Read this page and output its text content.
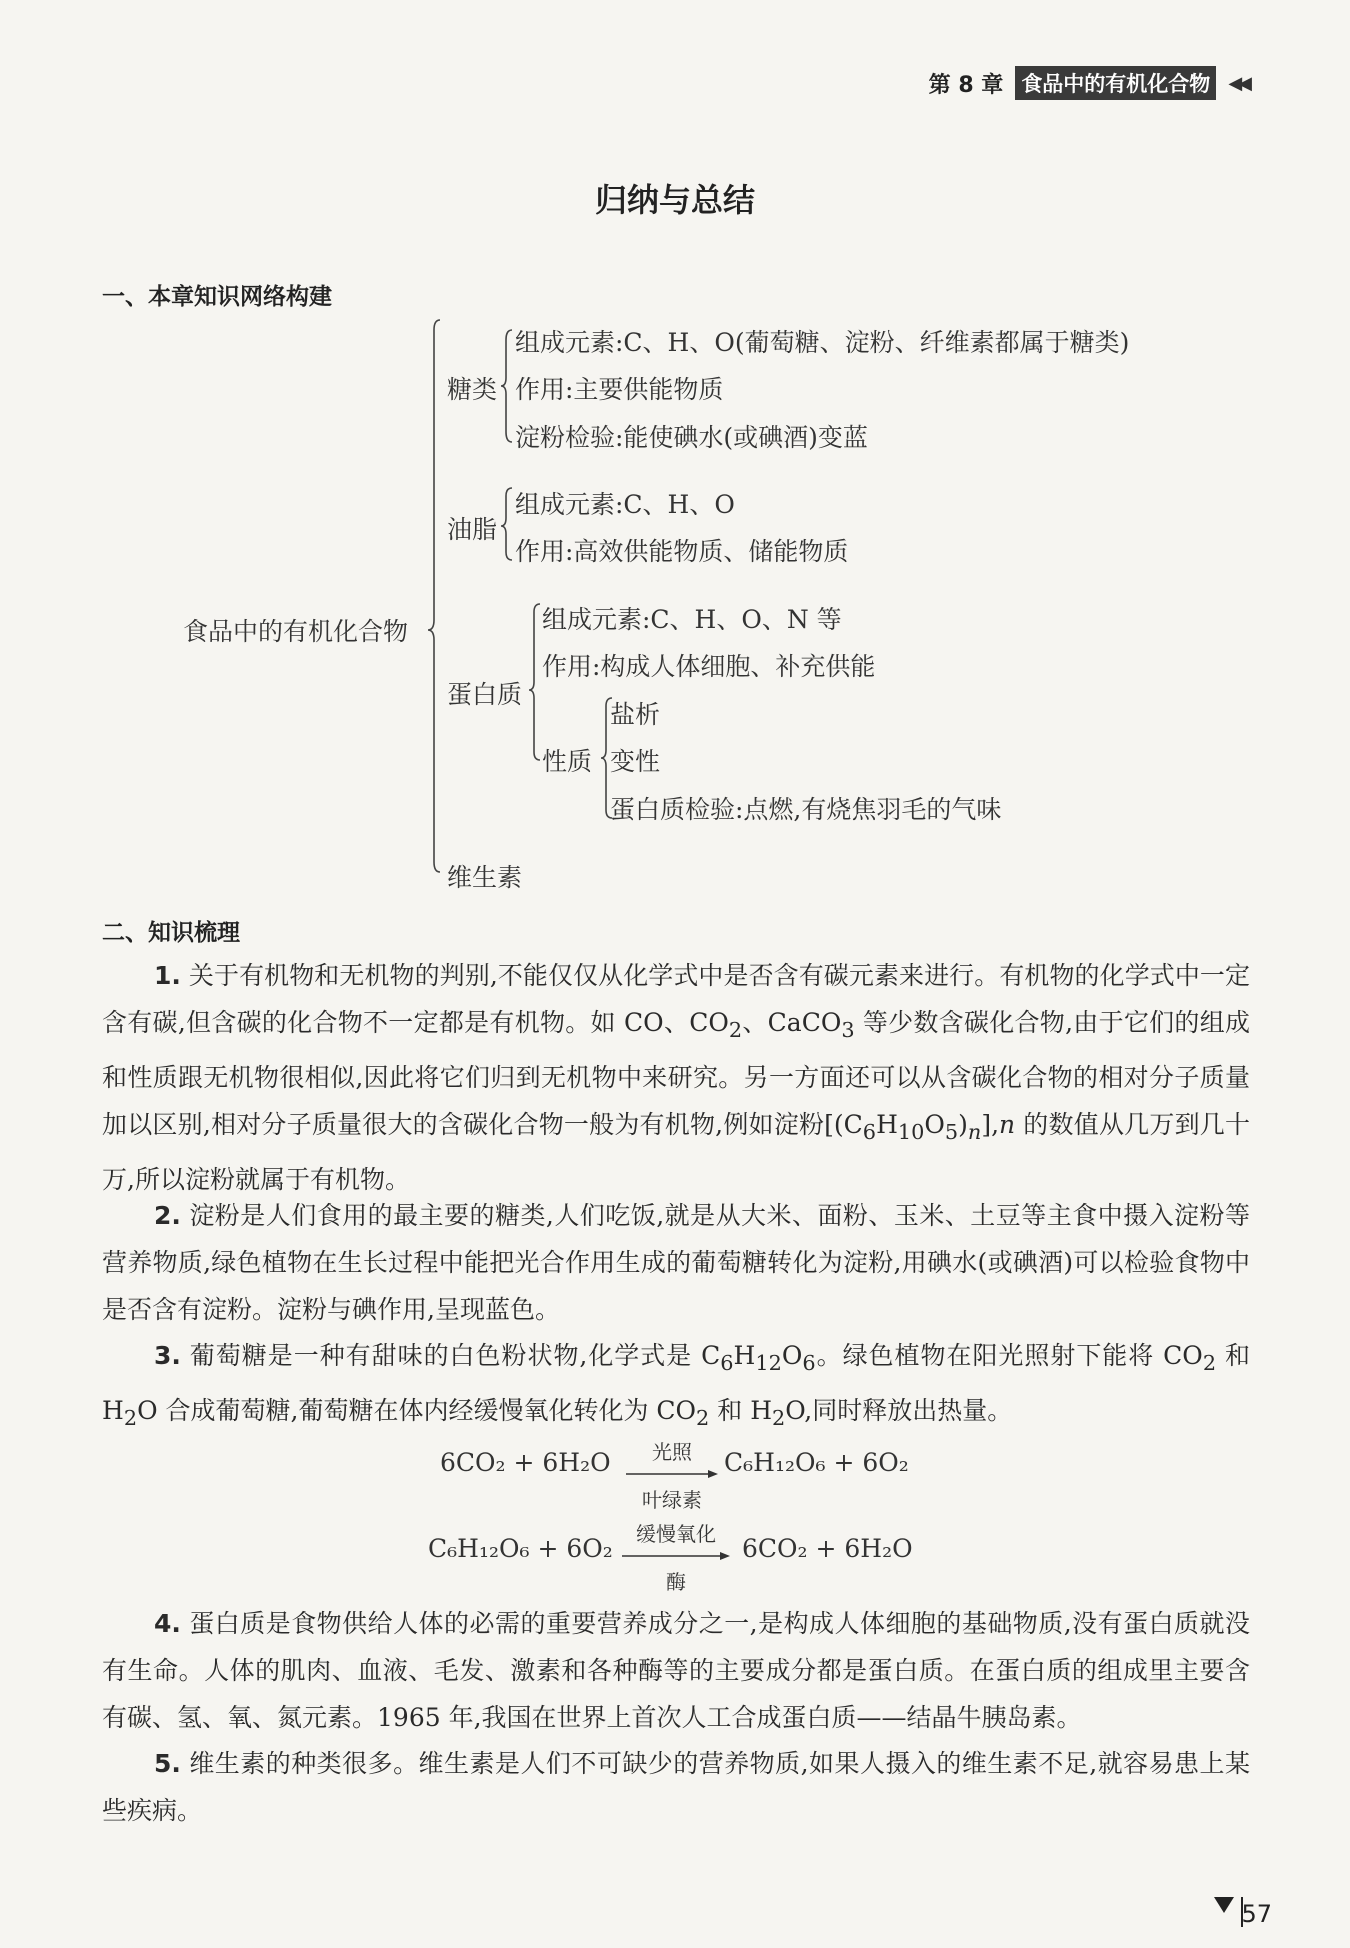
第 8 章 食品中的有机化合物	◀◀
归纳与总结
一、本章知识网络构建
食品中的有机化合物
糖类
组成元素:C、H、O(葡萄糖、淀粉、纤维素都属于糖类)
作用:主要供能物质
淀粉检验:能使碘水(或碘酒)变蓝
油脂
组成元素:C、H、O
作用:高效供能物质、储能物质
蛋白质
组成元素:C、H、O、N 等
作用:构成人体细胞、补充供能
性质
盐析
变性
蛋白质检验:点燃,有烧焦羽毛的气味
维生素
二、知识梳理
1. 关于有机物和无机物的判别,不能仅仅从化学式中是否含有碳元素来进行。有机物的化学式中一定含有碳,但含碳的化合物不一定都是有机物。如 CO、$CO_2$、CaCO$_3$ 等少数含碳化合物,由于它们的组成和性质跟无机物很相似,因此将它们归到无机物中来研究。另一方面还可以从含碳化合物的相对分子质量加以区别,相对分子质量很大的含碳化合物一般为有机物,例如淀粉$[(C_6H_{10}O_5)_n],n$ 的数值从几万到几十万,所以淀粉就属于有机物。
2. 淀粉是人们食用的最主要的糖类,人们吃饭,就是从大米、面粉、玉米、土豆等主食中摄入淀粉等营养物质,绿色植物在生长过程中能把光合作用生成的葡萄糖转化为淀粉,用碘水(或碘酒)可以检验食物中是否含有淀粉。淀粉与碘作用,呈现蓝色。
3. 葡萄糖是一种有甜味的白色粉状物,化学式是 $C_6H_{12}O_6$。绿色植物在阳光照射下能将 $CO_2$ 和 $H_2O$ 合成葡萄糖,葡萄糖在体内经缓慢氧化转化为 $CO_2$ 和 $H_2O$,同时释放出热量。
6CO₂ + 6H₂O	光照
叶绿素
C₆H₁₂O₆ + 6O₂
C₆H₁₂O₆ + 6O₂	缓慢氧化
酶
6CO₂ + 6H₂O
4. 蛋白质是食物供给人体的必需的重要营养成分之一,是构成人体细胞的基础物质,没有蛋白质就没有生命。人体的肌肉、血液、毛发、激素和各种酶等的主要成分都是蛋白质。在蛋白质的组成里主要含有碳、氢、氧、氮元素。1965 年,我国在世界上首次人工合成蛋白质——结晶牛胰岛素。
5. 维生素的种类很多。维生素是人们不可缺少的营养物质,如果人摄入的维生素不足,就容易患上某些疾病。
57
